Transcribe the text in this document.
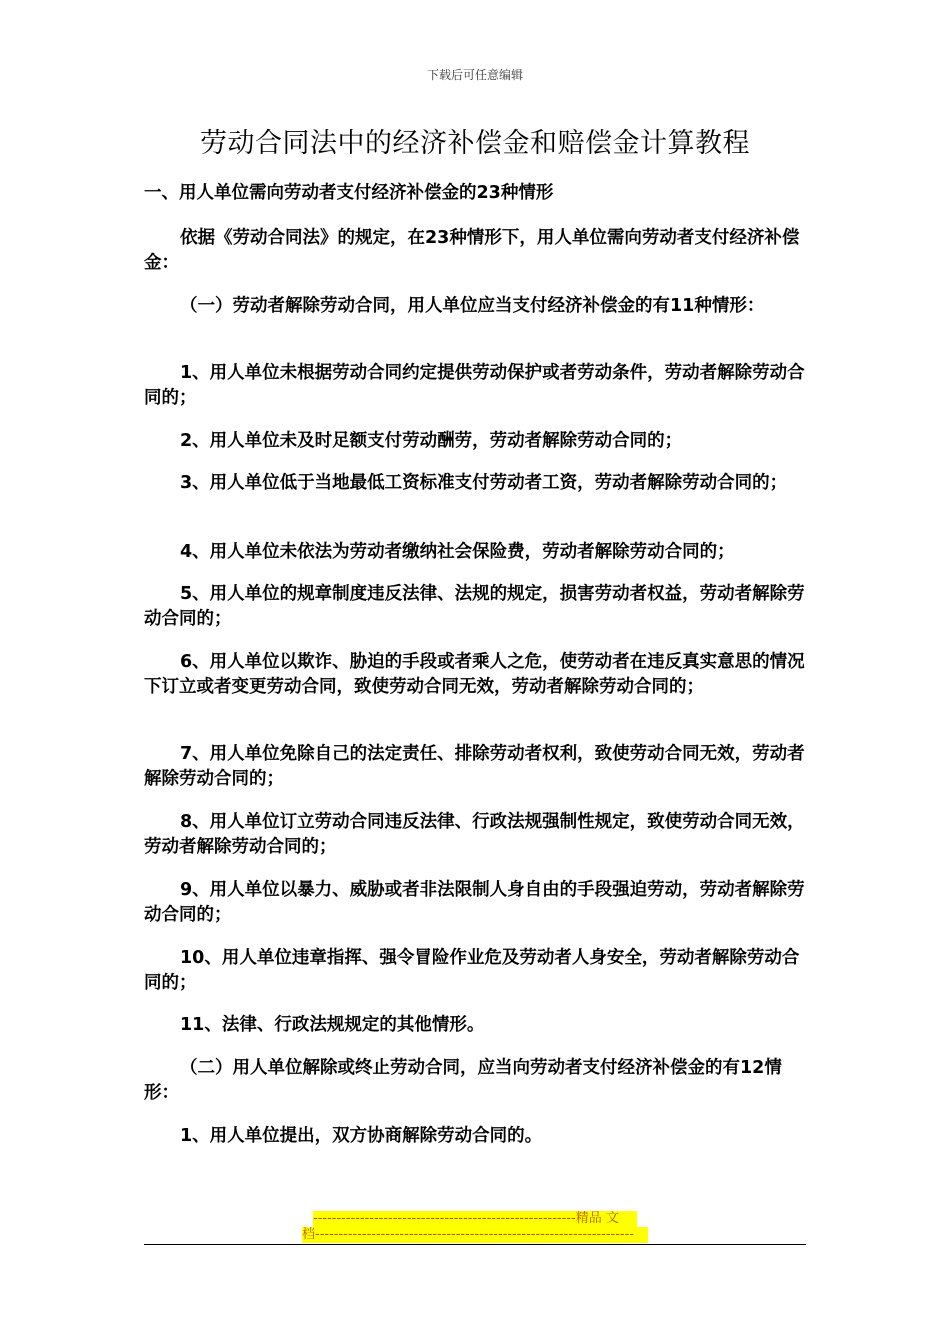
下载后可任意编辑
劳动合同法中的经济补偿金和赔偿金计算教程
一、用人单位需向劳动者支付经济补偿金的23种情形
依据《劳动合同法》的规定，在23种情形下，用人单位需向劳动者支付经济补偿金：
（一）劳动者解除劳动合同，用人单位应当支付经济补偿金的有11种情形：
1、用人单位未根据劳动合同约定提供劳动保护或者劳动条件，劳动者解除劳动合同的；
2、用人单位未及时足额支付劳动酬劳，劳动者解除劳动合同的；
3、用人单位低于当地最低工资标准支付劳动者工资，劳动者解除劳动合同的；
4、用人单位未依法为劳动者缴纳社会保险费，劳动者解除劳动合同的；
5、用人单位的规章制度违反法律、法规的规定，损害劳动者权益，劳动者解除劳动合同的；
6、用人单位以欺诈、胁迫的手段或者乘人之危，使劳动者在违反真实意思的情况下订立或者变更劳动合同，致使劳动合同无效，劳动者解除劳动合同的；
7、用人单位免除自己的法定责任、排除劳动者权利，致使劳动合同无效，劳动者解除劳动合同的；
8、用人单位订立劳动合同违反法律、行政法规强制性规定，致使劳动合同无效，劳动者解除劳动合同的；
9、用人单位以暴力、威胁或者非法限制人身自由的手段强迫劳动，劳动者解除劳动合同的；
10、用人单位违章指挥、强令冒险作业危及劳动者人身安全，劳动者解除劳动合同的；
11、法律、行政法规规定的其他情形。
（二）用人单位解除或终止劳动合同，应当向劳动者支付经济补偿金的有12情形：
1、用人单位提出，双方协商解除劳动合同的。
--------------------------------------------------------精品 文
档--------------------------------------------------------------------
